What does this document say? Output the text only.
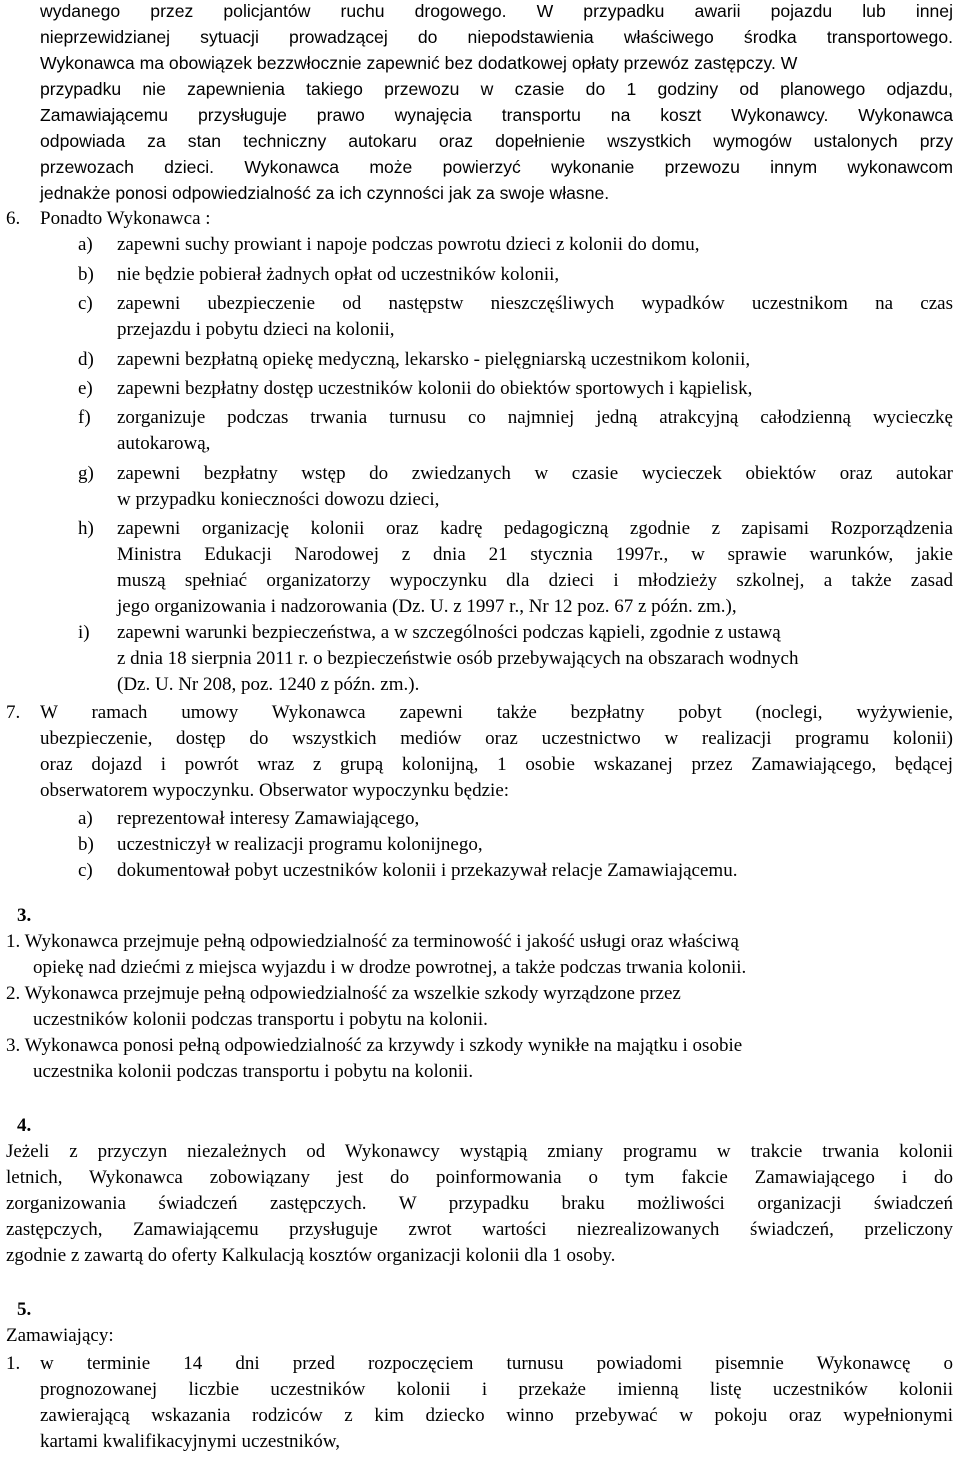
wydanego przez policjantów ruchu drogowego. W przypadku awarii pojazdu lub innej
nieprzewidzianej sytuacji prowadzącej do niepodstawienia właściwego środka transportowego.
Wykonawca ma obowiązek bezzwłocznie zapewnić bez dodatkowej opłaty przewóz zastępczy. W
przypadku nie zapewnienia takiego przewozu w czasie do 1 godziny od planowego odjazdu,
Zamawiającemu przysługuje prawo wynajęcia transportu na koszt Wykonawcy. Wykonawca
odpowiada za stan techniczny autokaru oraz dopełnienie wszystkich wymogów ustalonych przy
przewozach dzieci. Wykonawca może powierzyć wykonanie przewozu innym wykonawcom
jednakże ponosi odpowiedzialność za ich czynności jak za swoje własne.
6. Ponadto Wykonawca :
a) zapewni suchy prowiant i napoje podczas powrotu dzieci z kolonii do domu,
b) nie będzie pobierał żadnych opłat od uczestników kolonii,
c) zapewni ubezpieczenie od następstw nieszczęśliwych wypadków uczestnikom na czas
przejazdu i pobytu dzieci na kolonii,
d) zapewni bezpłatną opiekę medyczną, lekarsko - pielęgniarską uczestnikom kolonii,
e) zapewni bezpłatny dostęp uczestników kolonii do obiektów sportowych i kąpielisk,
f) zorganizuje podczas trwania turnusu co najmniej jedną atrakcyjną całodzienną wycieczkę
autokarową,
g) zapewni bezpłatny wstęp do zwiedzanych w czasie wycieczek obiektów oraz autokar
w przypadku konieczności dowozu dzieci,
h) zapewni organizację kolonii oraz kadrę pedagogiczną zgodnie z zapisami Rozporządzenia
Ministra Edukacji Narodowej z dnia 21 stycznia 1997r., w sprawie warunków, jakie
muszą spełniać organizatorzy wypoczynku dla dzieci i młodzieży szkolnej, a także zasad
jego organizowania i nadzorowania (Dz. U. z 1997 r., Nr 12 poz. 67 z późn. zm.),
i) zapewni warunki bezpieczeństwa, a w szczególności podczas kąpieli, zgodnie z ustawą
z dnia 18 sierpnia 2011 r. o bezpieczeństwie osób przebywających na obszarach wodnych
(Dz. U. Nr 208, poz. 1240 z późn. zm.).
7. W ramach umowy Wykonawca zapewni także bezpłatny pobyt (noclegi, wyżywienie,
ubezpieczenie, dostęp do wszystkich mediów oraz uczestnictwo w realizacji programu kolonii)
oraz dojazd i powrót wraz z grupą kolonijną, 1 osobie wskazanej przez Zamawiającego, będącej
obserwatorem wypoczynku. Obserwator wypoczynku będzie:
a) reprezentował interesy Zamawiającego,
b) uczestniczył w realizacji programu kolonijnego,
c) dokumentował pobyt uczestników kolonii i przekazywał relacje Zamawiającemu.
3.
1. Wykonawca przejmuje pełną odpowiedzialność za terminowość i jakość usługi oraz właściwą
opiekę nad dziećmi z miejsca wyjazdu i w drodze powrotnej, a także podczas trwania kolonii.
2. Wykonawca przejmuje pełną odpowiedzialność za wszelkie szkody wyrządzone przez
uczestników kolonii podczas transportu i pobytu na kolonii.
3. Wykonawca ponosi pełną odpowiedzialność za krzywdy i szkody wynikłe na majątku i osobie
uczestnika kolonii podczas transportu i pobytu na kolonii.
4.
Jeżeli z przyczyn niezależnych od Wykonawcy wystąpią zmiany programu w trakcie trwania kolonii
letnich, Wykonawca zobowiązany jest do poinformowania o tym fakcie Zamawiającego i do
zorganizowania świadczeń zastępczych. W przypadku braku możliwości organizacji świadczeń
zastępczych, Zamawiającemu przysługuje zwrot wartości niezrealizowanych świadczeń, przeliczony
zgodnie z zawartą do oferty Kalkulacją kosztów organizacji kolonii dla 1 osoby.
5.
Zamawiający:
1. w terminie 14 dni przed rozpoczęciem turnusu powiadomi pisemnie Wykonawcę o
prognozowanej liczbie uczestników kolonii i przekaże imienną listę uczestników kolonii
zawierającą wskazania rodziców z kim dziecko winno przebywać w pokoju oraz wypełnionymi
kartami kwalifikacyjnymi uczestników,
